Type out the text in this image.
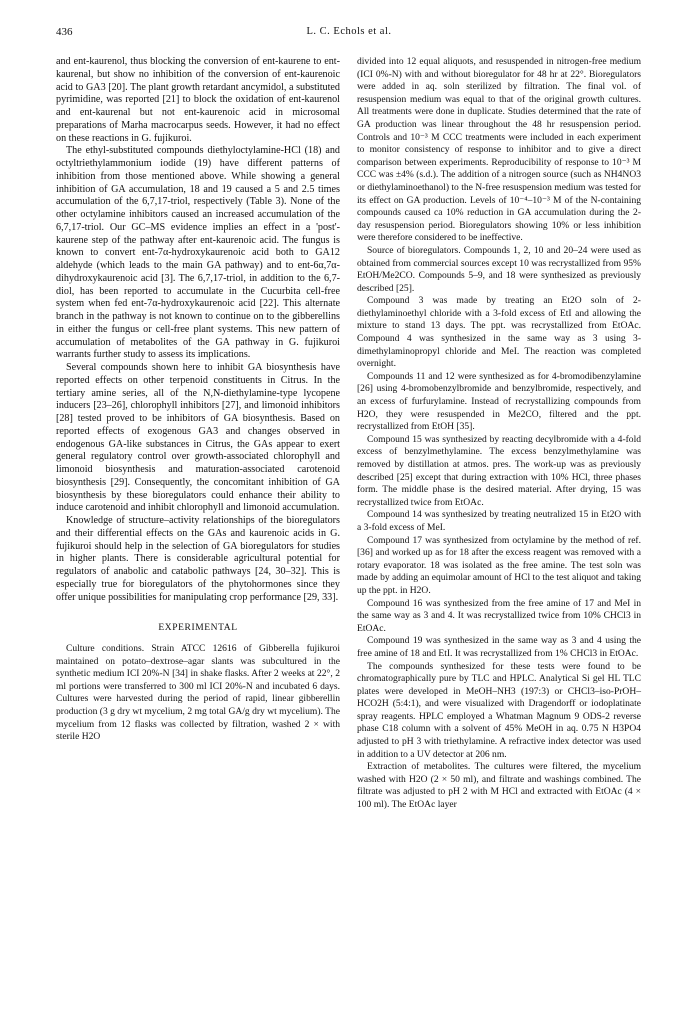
436	L. C. Echols et al.

and ent-kaurenol, thus blocking the conversion of ent-kaurene to ent-kaurenal, but show no inhibition of the conversion of ent-kaurenoic acid to GA3 [20]. The plant growth retardant ancymidol, a substituted pyrimidine, was reported [21] to block the oxidation of ent-kaurenol and ent-kaurenal but not ent-kaurenoic acid in microsomal preparations of Marha macrocarpus seeds. However, it had no effect on these reactions in G. fujikuroi.

The ethyl-substituted compounds diethyloctylamine-HCl (18) and octyltriethylammonium iodide (19) have different patterns of inhibition from those mentioned above. While showing a general inhibition of GA accumulation, 18 and 19 caused a 5 and 2.5 times accumulation of the 6,7,17-triol, respectively (Table 3). None of the other octylamine inhibitors caused an increased accumulation of the 6,7,17-triol. Our GC–MS evidence implies an effect in a 'post'-kaurene step of the pathway after ent-kaurenoic acid. The fungus is known to convert ent-7α-hydroxykaurenoic acid both to GA12 aldehyde (which leads to the main GA pathway) and to ent-6α,7α-dihydroxykaurenoic acid [3]. The 6,7,17-triol, in addition to the 6,7-diol, has been reported to accumulate in the Cucurbita cell-free system when fed ent-7α-hydroxykaurenoic acid [22]. This alternate branch in the pathway is not known to continue on to the gibberellins in either the fungus or cell-free plant systems. This new pattern of accumulation of metabolites of the GA pathway in G. fujikuroi warrants further study to assess its implications.

Several compounds shown here to inhibit GA biosynthesis have reported effects on other terpenoid constituents in Citrus. In the tertiary amine series, all of the N,N-diethylamine-type lycopene inducers [23–26], chlorophyll inhibitors [27], and limonoid inhibitors [28] tested proved to be inhibitors of GA biosynthesis. Based on reported effects of exogenous GA3 and changes observed in endogenous GA-like substances in Citrus, the GAs appear to exert general regulatory control over growth-associated chlorophyll and limonoid biosynthesis and maturation-associated carotenoid biosynthesis [29]. Consequently, the concomitant inhibition of GA biosynthesis by these bioregulators could enhance their ability to induce carotenoid and inhibit chlorophyll and limonoid accumulation.

Knowledge of structure–activity relationships of the bioregulators and their differential effects on the GAs and kaurenoic acids in G. fujikuroi should help in the selection of GA bioregulators for studies in higher plants. There is considerable agricultural potential for regulators of anabolic and catabolic pathways [24, 30–32]. This is especially true for bioregulators of the phytohormones since they offer unique possibilities for manipulating crop performance [29, 33].

EXPERIMENTAL

Culture conditions. Strain ATCC 12616 of Gibberella fujikuroi maintained on potato–dextrose–agar slants was subcultured in the synthetic medium ICI 20%-N [34] in shake flasks. After 2 weeks at 22°, 2 ml portions were transferred to 300 ml ICI 20%-N and incubated 6 days. Cultures were harvested during the period of rapid, linear gibberellin production (3 g dry wt mycelium, 2 mg total GA/g dry wt mycelium). The mycelium from 12 flasks was collected by filtration, washed 2 × with sterile H2O

divided into 12 equal aliquots, and resuspended in nitrogen-free medium (ICI 0%-N) with and without bioregulator for 48 hr at 22°. Bioregulators were added in aq. soln sterilized by filtration. The final vol. of resuspension medium was equal to that of the original growth cultures. All treatments were done in duplicate. Studies determined that the rate of GA production was linear throughout the 48 hr resuspension period. Controls and 10⁻³ M CCC treatments were included in each experiment to monitor consistency of response to inhibitor and to give a direct comparison between experiments. Reproducibility of response to 10⁻³ M CCC was ±4% (s.d.). The addition of a nitrogen source (such as NH4NO3 or diethylaminoethanol) to the N-free resuspension medium was tested for its effect on GA production. Levels of 10⁻⁴–10⁻³ M of the N-containing compounds caused ca 10% reduction in GA accumulation during the 2-day resuspension period. Bioregulators showing 10% or less inhibition were therefore considered to be ineffective.

Source of bioregulators. Compounds 1, 2, 10 and 20–24 were used as obtained from commercial sources except 10 was recrystallized from 95% EtOH/Me2CO. Compounds 5–9, and 18 were synthesized as previously described [25].

Compound 3 was made by treating an Et2O soln of 2-diethylaminoethyl chloride with a 3-fold excess of EtI and allowing the mixture to stand 13 days. The ppt. was recrystallized from EtOAc. Compound 4 was synthesized in the same way as 3 using 3-dimethylaminopropyl chloride and MeI. The reaction was completed overnight.

Compounds 11 and 12 were synthesized as for 4-bromodibenzylamine [26] using 4-bromobenzylbromide and benzylbromide, respectively, and an excess of furfurylamine. Instead of recrystallizing compounds from H2O, they were resuspended in Me2CO, filtered and the ppt. recrystallized from EtOH [35].

Compound 15 was synthesized by reacting decylbromide with a 4-fold excess of benzylmethylamine. The excess benzylmethylamine was removed by distillation at atmos. pres. The work-up was as previously described [25] except that during extraction with 10% HCl, three phases form. The middle phase is the desired material. After drying, 15 was recrystallized twice from EtOAc.

Compound 14 was synthesized by treating neutralized 15 in Et2O with a 3-fold excess of MeI.

Compound 17 was synthesized from octylamine by the method of ref. [36] and worked up as for 18 after the excess reagent was removed with a rotary evaporator. 18 was isolated as the free amine. The test soln was made by adding an equimolar amount of HCl to the test aliquot and taking up the ppt. in H2O.

Compound 16 was synthesized from the free amine of 17 and MeI in the same way as 3 and 4. It was recrystallized twice from 10% CHCl3 in EtOAc.

Compound 19 was synthesized in the same way as 3 and 4 using the free amine of 18 and EtI. It was recrystallized from 1% CHCl3 in EtOAc.

The compounds synthesized for these tests were found to be chromatographically pure by TLC and HPLC. Analytical Si gel HL TLC plates were developed in MeOH–NH3 (197:3) or CHCl3–iso-PrOH–HCO2H (5:4:1), and were visualized with Dragendorff or iodoplatinate spray reagents. HPLC employed a Whatman Magnum 9 ODS-2 reverse phase C18 column with a solvent of 45% MeOH in aq. 0.75 N H3PO4 adjusted to pH 3 with triethylamine. A refractive index detector was used in addition to a UV detector at 206 nm.

Extraction of metabolites. The cultures were filtered, the mycelium washed with H2O (2 × 50 ml), and filtrate and washings combined. The filtrate was adjusted to pH 2 with M HCl and extracted with EtOAc (4 × 100 ml). The EtOAc layer
